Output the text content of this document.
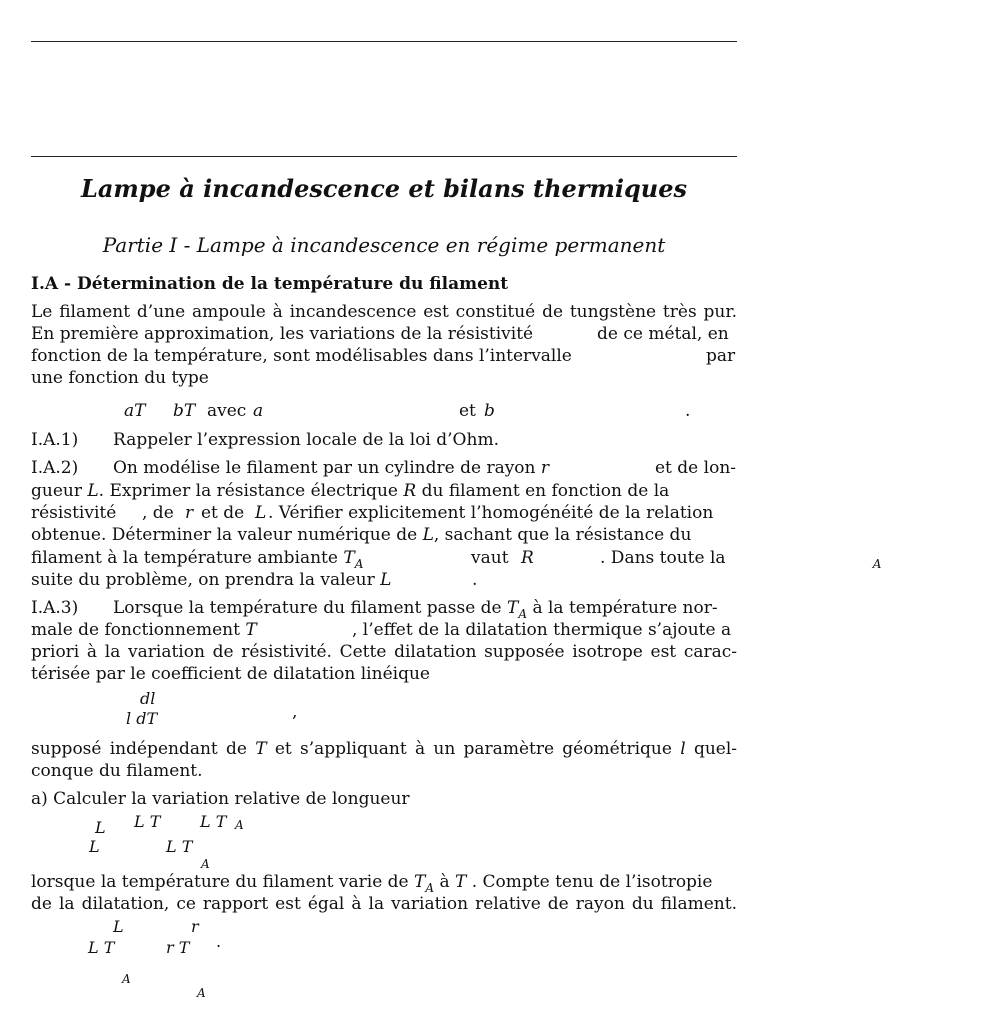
Lampe à incandescence et bilans thermiques
Partie I - Lampe à incandescence en régime permanent
I.A - Détermination de la température du filament
Le filament d’une ampoule à incandescence est constitué de tungstène très pur.
En première approximation, les variations de la résistivité	de ce métal, en
fonction de la température, sont modélisables dans l’intervalle	par
une fonction du type
aT bT avec a	et b	.
I.A.1) Rappeler l’expression locale de la loi d’Ohm.
I.A.2) On modélise le filament par un cylindre de rayon r	et de lon-
gueur L. Exprimer la résistance électrique R du filament en fonction de la
résistivité , de r et de L . Vérifier explicitement l’homogénéité de la relation
obtenue. Déterminer la valeur numérique de L, sachant que la résistance du
filament à la température ambiante $T_A$	vaut R	$_A$
. Dans toute la
suite du problème, on prendra la valeur L	.
I.A.3) Lorsque la température du filament passe de $T_A$ à la température nor-
male de fonctionnement T	, l’effet de la dilatation thermique s’ajoute a
priori à la variation de résistivité. Cette dilatation supposée isotrope est carac-
térisée par le coefficient de dilatation linéique
dl
l dT	,
supposé indépendant de T et s’appliquant à un paramètre géométrique l quel-
conque du filament.
a) Calculer la variation relative de longueur
L L T L T A
L	L T
A
lorsque la température du filament varie de $T_A$ à T . Compte tenu de l’isotropie
de la dilatation, ce rapport est égal à la variation relative de rayon du filament.
L	r
L T
A
r T
A
.
